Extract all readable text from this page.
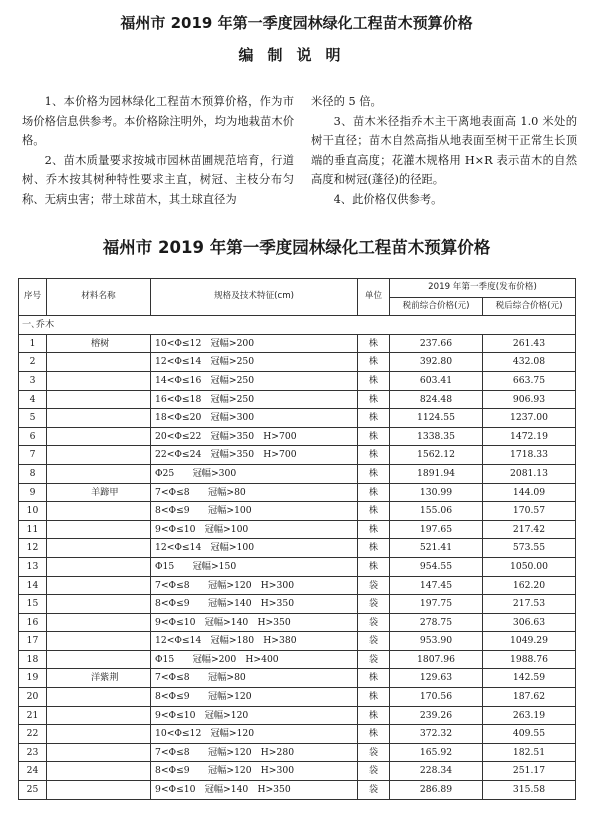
福州市 2019 年第一季度园林绿化工程苗木预算价格
编制说明

1、本价格为园林绿化工程苗木预算价格，作为市场价格信息供参考。本价格除注明外，均为地栽苗木价格。

2、苗木质量要求按城市园林苗圃规范培育，行道树、乔木按其树种特性要求主直，树冠、主枝分布匀称、无病虫害；带土球苗木，其土球直径为

米径的 5 倍。

3、苗木米径指乔木主干离地表面高 1.0 米处的树干直径；苗木自然高指从地表面至树干正常生长顶端的垂直高度；花灌木规格用 H×R 表示苗木的自然高度和树冠(蓬径)的径距。

4、此价格仅供参考。

福州市 2019 年第一季度园林绿化工程苗木预算价格
序号	材料名称	规格及技术特征(cm)	单位	2019 年第一季度(发布价格)	
				税前综合价格(元)	税后综合价格(元)
一､乔木					
1	榕树	10<Φ≤12　冠幅>200	株	237.66	261.43
2		12<Φ≤14　冠幅>250	株	392.80	432.08
3		14<Φ≤16　冠幅>250	株	603.41	663.75
4		16<Φ≤18　冠幅>250	株	824.48	906.93
5		18<Φ≤20　冠幅>300	株	1124.55	1237.00
6		20<Φ≤22　冠幅>350　H>700	株	1338.35	1472.19
7		22<Φ≤24　冠幅>350　H>700	株	1562.12	1718.33
8		Φ25　　冠幅>300	株	1891.94	2081.13
9	羊蹄甲	7<Φ≤8　　冠幅>80	株	130.99	144.09
10		8<Φ≤9　　冠幅>100	株	155.06	170.57
11		9<Φ≤10　冠幅>100	株	197.65	217.42
12		12<Φ≤14　冠幅>100	株	521.41	573.55
13		Φ15　　冠幅>150	株	954.55	1050.00
14		7<Φ≤8　　冠幅>120　H>300	袋	147.45	162.20
15		8<Φ≤9　　冠幅>140　H>350	袋	197.75	217.53
16		9<Φ≤10　冠幅>140　H>350	袋	278.75	306.63
17		12<Φ≤14　冠幅>180　H>380	袋	953.90	1049.29
18		Φ15　　冠幅>200　H>400	袋	1807.96	1988.76
19	洋紫荆	7<Φ≤8　　冠幅>80	株	129.63	142.59
20		8<Φ≤9　　冠幅>120	株	170.56	187.62
21		9<Φ≤10　冠幅>120	株	239.26	263.19
22		10<Φ≤12　冠幅>120	株	372.32	409.55
23		7<Φ≤8　　冠幅>120　H>280	袋	165.92	182.51
24		8<Φ≤9　　冠幅>120　H>300	袋	228.34	251.17
25		9<Φ≤10　冠幅>140　H>350	袋	286.89	315.58
